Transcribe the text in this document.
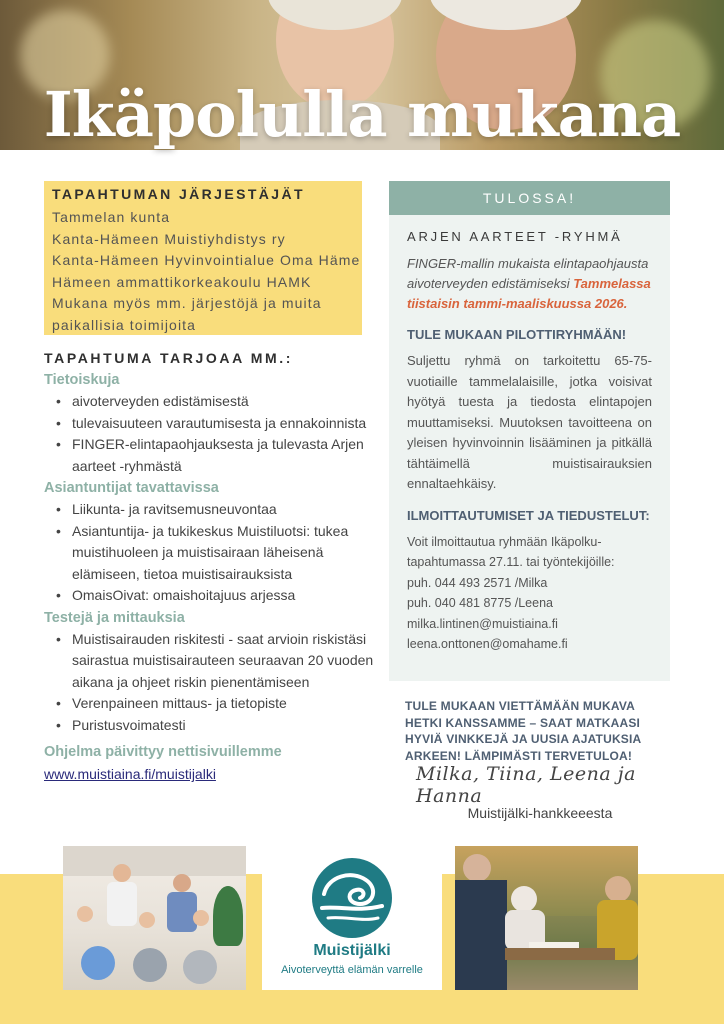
Ikäpolulla mukana
TAPAHTUMAN JÄRJESTÄJÄT
Tammelan kunta
Kanta-Hämeen Muistiyhdistys ry
Kanta-Hämeen Hyvinvointialue Oma Häme
Hämeen ammattikorkeakoulu HAMK
Mukana myös mm. järjestöjä ja muita
paikallisia toimijoita
TAPAHTUMA TARJOAA MM.:
Tietoiskuja
• aivoterveyden edistämisestä
• tulevaisuuteen varautumisesta ja ennakoinnista
• FINGER-elintapaohjauksesta ja tulevasta Arjen aarteet -ryhmästä
Asiantuntijat tavattavissa
• Liikunta- ja ravitsemusneuvontaa
• Asiantuntija- ja tukikeskus Muistiluotsi: tukea muistihuoleen ja muistisairaan läheisenä elämiseen, tietoa muistisairauksista
• OmaisOivat: omaishoitajuus arjessa
Testejä ja mittauksia
• Muistisairauden riskitesti - saat arvioin riskistäsi sairastua muistisairauteen seuraavan 20 vuoden aikana ja ohjeet riskin pienentämiseen
• Verenpaineen mittaus- ja tietopiste
• Puristusvoimatesti
Ohjelma päivittyy nettisivuillemme
www.muistiaina.fi/muistijalki
TULOSSA!
ARJEN AARTEET -RYHMÄ

FINGER-mallin mukaista elintapaohjausta aivoterveyden edistämiseksi Tammelassa tiistaisin tammi-maaliskuussa 2026.

TULE MUKAAN PILOTTIRYHMÄÄN!

Suljettu ryhmä on tarkoitettu 65-75-vuotiaille tammelalaisille, jotka voisivat hyötyä tuesta ja tiedosta elintapojen muuttamiseksi. Muutoksen tavoitteena on yleisen hyvinvoinnin lisääminen ja pitkällä tähtäimellä muistisairauksien ennaltaehkäisy.

ILMOITTAUTUMISET JA TIEDUSTELUT:
Voit ilmoittautua ryhmään Ikäpolku-
tapahtumassa 27.11. tai työntekijöille:
puh. 044 493 2571 /Milka
puh. 040 481 8775 /Leena
milka.lintinen@muistiaina.fi
leena.onttonen@omahame.fi
TULE MUKAAN VIETTÄMÄÄN MUKAVA HETKI KANSSAMME – SAAT MATKAASI HYVIÄ VINKKEJÄ JA UUSIA AJATUKSIA ARKEEN! LÄMPIMÄSTI TERVETULOA!
Milka, Tiina, Leena ja Hanna
Muistijälki-hankkeeesta
Muistijälki
Aivoterveyttä elämän varrelle
